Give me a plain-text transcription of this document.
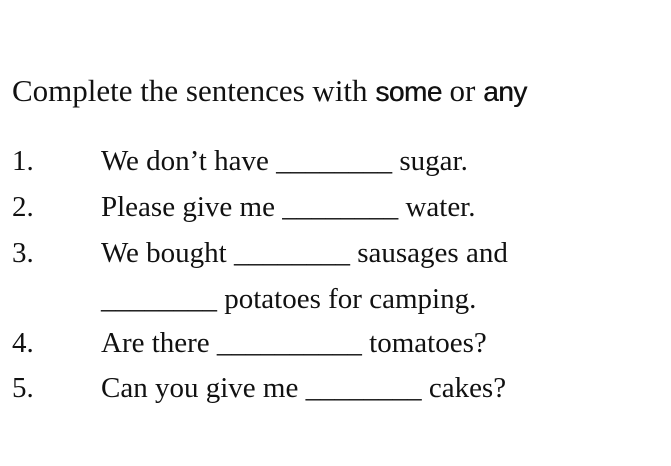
Complete the sentences with some or any
1. We don’t have ________ sugar.
2. Please give me ________ water.
3. We bought ________ sausages and
________ potatoes for camping.
4. Are there __________ tomatoes?
5. Can you give me ________ cakes?
